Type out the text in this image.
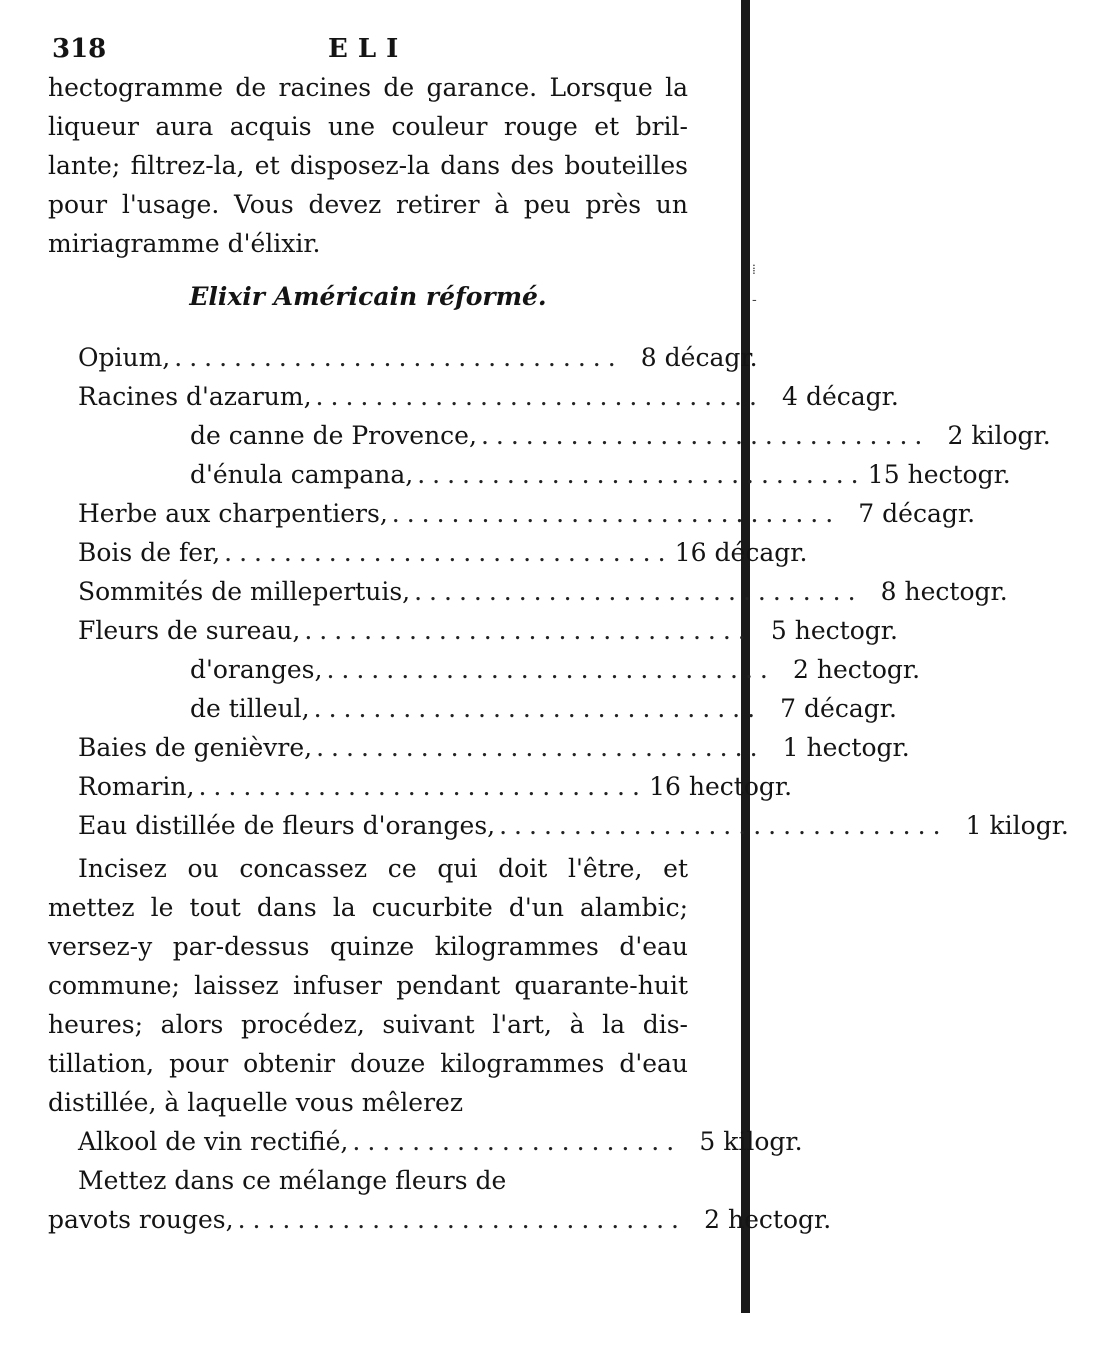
⁞
-
318	ELI
hectogramme de racines de garance. Lorsque la
liqueur aura acquis une couleur rouge et bril-
lante; filtrez-la, et disposez-la dans des bouteilles
pour l'usage. Vous devez retirer à peu près un
miriagramme d'élixir.
Elixir Américain réformé.
Opium, .............................. 8 décagr.
Racines d'azarum, .............................. 4 décagr.
de canne de Provence, .............................. 2 kilogr.
d'énula campana, .............................. 15 hectogr.
Herbe aux charpentiers, .............................. 7 décagr.
Bois de fer, .............................. 16 décagr.
Sommités de millepertuis, .............................. 8 hectogr.
Fleurs de sureau, .............................. 5 hectogr.
d'oranges, .............................. 2 hectogr.
de tilleul, .............................. 7 décagr.
Baies de genièvre, .............................. 1 hectogr.
Romarin, .............................. 16 hectogr.
Eau distillée de fleurs d'oranges, .............................. 1 kilogr.
Incisez ou concassez ce qui doit l'être, et
mettez le tout dans la cucurbite d'un alambic;
versez-y par-dessus quinze kilogrammes d'eau
commune; laissez infuser pendant quarante-huit
heures; alors procédez, suivant l'art, à la dis-
tillation, pour obtenir douze kilogrammes d'eau
distillée, à laquelle vous mêlerez
Alkool de vin rectifié, ...................... 5 kilogr.
Mettez dans ce mélange fleurs de
pavots rouges, .............................. 2 hectogr.
